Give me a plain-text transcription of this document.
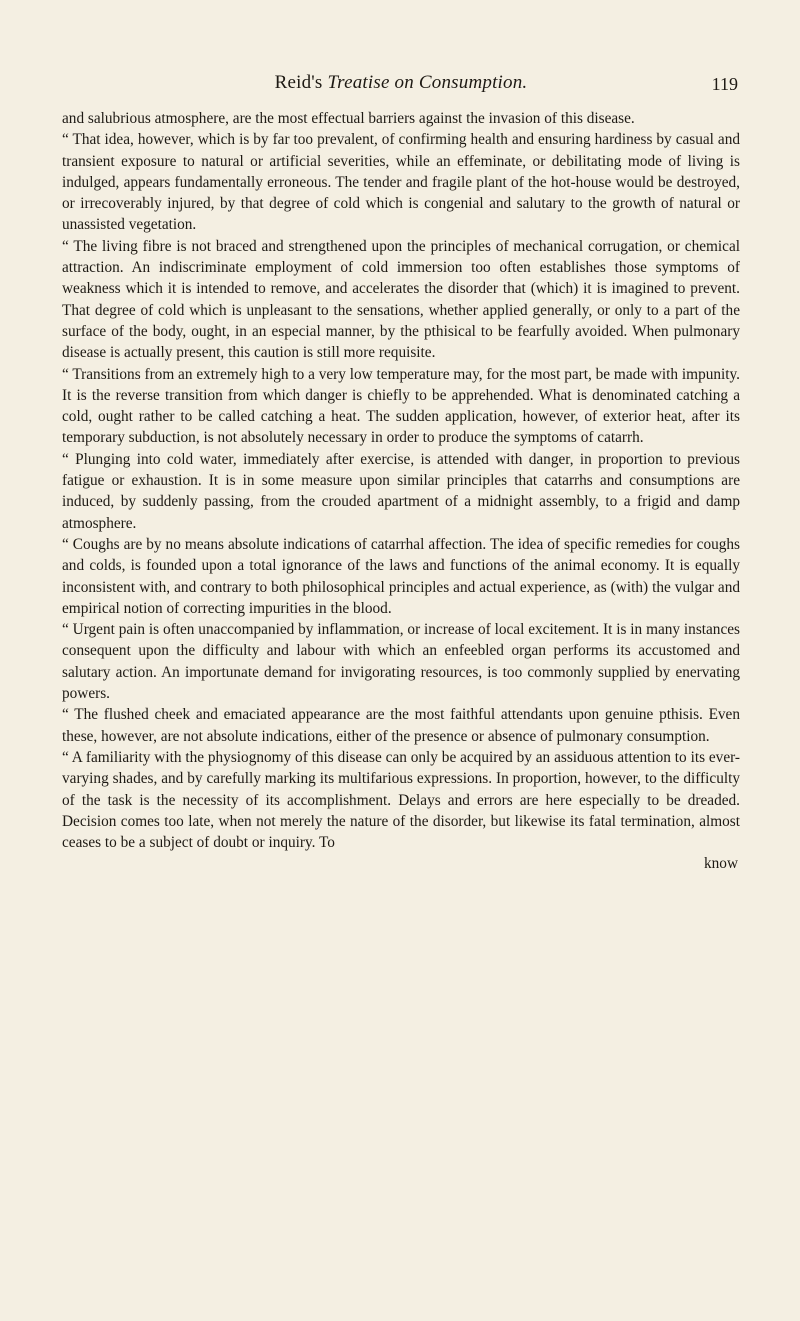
Reid's Treatise on Consumption.	119

and salubrious atmosphere, are the most effectual barriers against the invasion of this disease.

“ That idea, however, which is by far too prevalent, of confirming health and ensuring hardiness by casual and transient exposure to natural or artificial severities, while an effeminate, or debilitating mode of living is indulged, appears fundamentally erroneous. The tender and fragile plant of the hot-house would be destroyed, or irrecoverably injured, by that degree of cold which is congenial and salutary to the growth of natural or unassisted vegetation.

“ The living fibre is not braced and strengthened upon the principles of mechanical corrugation, or chemical attraction. An indiscriminate employment of cold immersion too often establishes those symptoms of weakness which it is intended to remove, and accelerates the disorder that (which) it is imagined to prevent. That degree of cold which is unpleasant to the sensations, whether applied generally, or only to a part of the surface of the body, ought, in an especial manner, by the pthisical to be fearfully avoided. When pulmonary disease is actually present, this caution is still more requisite.

“ Transitions from an extremely high to a very low temperature may, for the most part, be made with impunity. It is the reverse transition from which danger is chiefly to be apprehended. What is denominated catching a cold, ought rather to be called catching a heat. The sudden application, however, of exterior heat, after its temporary subduction, is not absolutely necessary in order to produce the symptoms of catarrh.

“ Plunging into cold water, immediately after exercise, is attended with danger, in proportion to previous fatigue or exhaustion. It is in some measure upon similar principles that catarrhs and consumptions are induced, by suddenly passing, from the crouded apartment of a midnight assembly, to a frigid and damp atmosphere.

“ Coughs are by no means absolute indications of catarrhal affection. The idea of specific remedies for coughs and colds, is founded upon a total ignorance of the laws and functions of the animal economy. It is equally inconsistent with, and contrary to both philosophical principles and actual experience, as (with) the vulgar and empirical notion of correcting impurities in the blood.

“ Urgent pain is often unaccompanied by inflammation, or increase of local excitement. It is in many instances consequent upon the difficulty and labour with which an enfeebled organ performs its accustomed and salutary action. An importunate demand for invigorating resources, is too commonly supplied by enervating powers.

“ The flushed cheek and emaciated appearance are the most faithful attendants upon genuine pthisis. Even these, however, are not absolute indications, either of the presence or absence of pulmonary consumption.

“ A familiarity with the physiognomy of this disease can only be acquired by an assiduous attention to its ever-varying shades, and by carefully marking its multifarious expressions. In proportion, however, to the difficulty of the task is the necessity of its accomplishment. Delays and errors are here especially to be dreaded. Decision comes too late, when not merely the nature of the disorder, but likewise its fatal termination, almost ceases to be a subject of doubt or inquiry. To

know
